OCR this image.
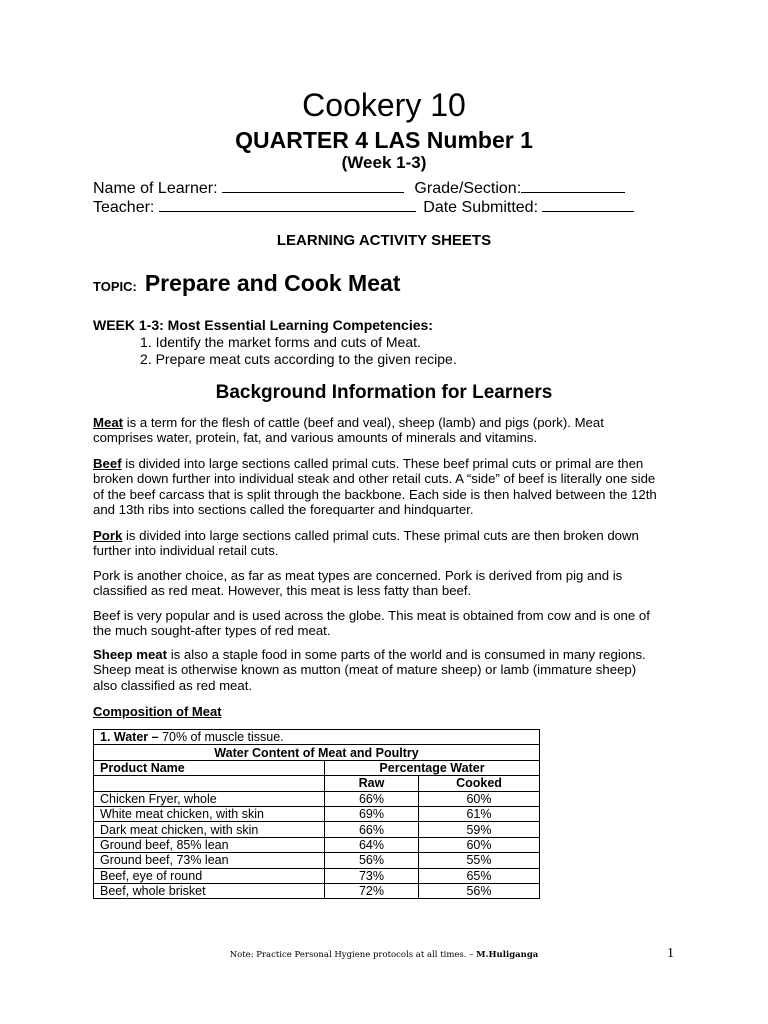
Cookery 10
QUARTER 4 LAS Number 1
(Week 1-3)
Name of Learner:	Grade/Section:
Teacher:	Date Submitted:
LEARNING ACTIVITY SHEETS
TOPIC: Prepare and Cook Meat
WEEK 1-3: Most Essential Learning Competencies:
1. Identify the market forms and cuts of Meat.
2. Prepare meat cuts according to the given recipe.
Background Information for Learners
Meat is a term for the flesh of cattle (beef and veal), sheep (lamb) and pigs (pork). Meat comprises water, protein, fat, and various amounts of minerals and vitamins.
Beef is divided into large sections called primal cuts. These beef primal cuts or primal are then broken down further into individual steak and other retail cuts. A “side” of beef is literally one side of the beef carcass that is split through the backbone. Each side is then halved between the 12th and 13th ribs into sections called the forequarter and hindquarter.
Pork is divided into large sections called primal cuts. These primal cuts are then broken down further into individual retail cuts.
Pork is another choice, as far as meat types are concerned. Pork is derived from pig and is classified as red meat. However, this meat is less fatty than beef.
Beef is very popular and is used across the globe. This meat is obtained from cow and is one of the much sought-after types of red meat.
Sheep meat is also a staple food in some parts of the world and is consumed in many regions. Sheep meat is otherwise known as mutton (meat of mature sheep) or lamb (immature sheep) also classified as red meat.
Composition of Meat
1. Water – 70% of muscle tissue.		
Water Content of Meat and Poultry		
Product Name	Percentage Water	
	Raw	Cooked
Chicken Fryer, whole	66%	60%
White meat chicken, with skin	69%	61%
Dark meat chicken, with skin	66%	59%
Ground beef, 85% lean	64%	60%
Ground beef, 73% lean	56%	55%
Beef, eye of round	73%	65%
Beef, whole brisket	72%	56%
Note: Practice Personal Hygiene protocols at all times. – M.Huliganga	1
